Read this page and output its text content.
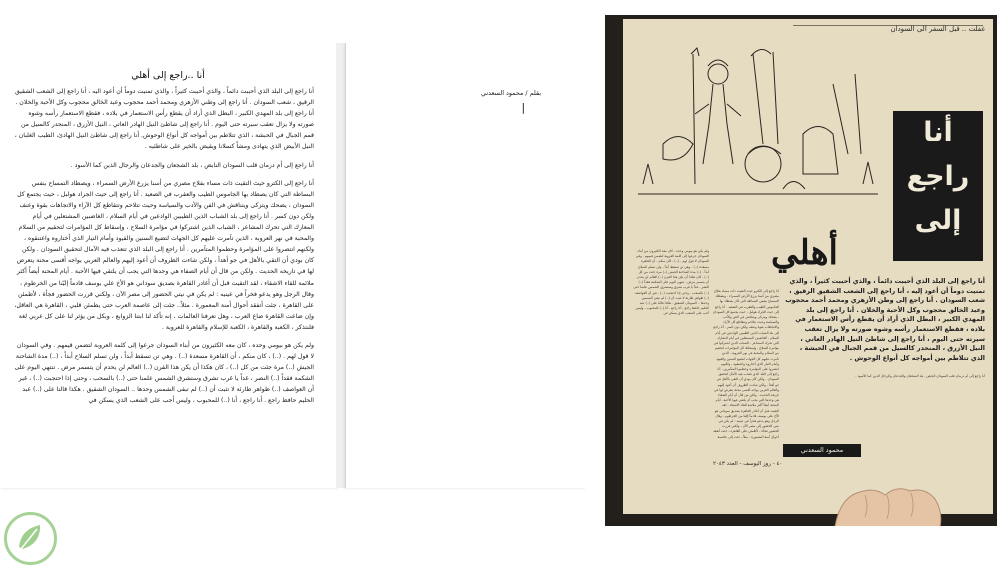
أنا ..راجع إلى أهلي

أنا راجع إلى البلد الذي أحببت دائماً ، والذي أحببت كثيراً ، والذي تمنيت دوماً أن أعود اليه ، أنا راجع إلى الشعب الشقيق الرقيق ، شعب السودان . أنا راجع إلى وطني الأزهري ومحمد أحمد محجوب وعبد الخالق محجوب وكل الأحبة والخلان . أنا راجع إلى بلد المهدي الكبير ، البطل الذي أراد أن يقطع رأس الاستعمار في بلاده ، فقطع الاستعمار رأسه وشوه صورته ولا يزال تعقب سيرته حتى اليوم . أنا راجع إلى شاطئ النيل الهادر العاتي ، النيل الأزرق ، المنحدر كالسيل من قمم الجبال في الحبشة ، الذي تتلاطم بين أمواجه كل أنواع الوحوش. أنا راجع إلى شاطئ النيل الهادئ، الطيب الغلبان ، النيل الأبيض الذي يتهادى ومشاً كسلانا ويقيض بالخير على شاطئيه .

أنا راجع إلى أم درمان قلب السودان النابض ، بلد الشجعان والجدعان والرجال الذين كما الأسود .

أنا راجع إلى الكترو حيث التقيت ذات مساء بفلاح مصري من أسنا يزرع الأرض السمراء ، ويصطاد التمساح بنفس البساطة التي كان يصطاد بها الجاموس الطيب والعقرب في الصعيد . أنا راجع إلى حيث الجراد هولبل ، حيث يجتمع كل السودان ، يضحك ويتزكى ويتناقش في الفن والأدب والسياسة وحيث تتلاحم وتتقاطع كل الآراء والاتجاهات بقوة وعنف ولكن دون كسر . أنا راجع إلى بلد الشباب الذين الطيبين الوادعين في أيام السلام ، الغاضبين المشتعلين في أيام المعارك التي تحرك المشاعر ، الشباب الذين اشتركوا في مؤامرة السلاح ، وإسقاط كل المؤامرات لتحقيم من السلام والمحبة في نهر العروبة ، الذين تآمرت عليهم كل الجهات لتضيع السنين والقيود وأمام التيار الذي أختاروه واعتنقوه ، ولكنهم انتصروا على المؤامرة وحطموا المتآمرين . أنا راجع إلى البلد الذي تتعذب فيه الآمال لتحقيق السودان . ولكن كان بودي أن التقي بالأهل في جو أهدأ ، ولكن شاءت الظروف أن أعود إليهم والعالم العربي يواجه أقسى محنة يتعرض لها في تاريخه الحديث . ولكن من قال أن أيام الصفاء هي وحدها التي يجب أن يلتقي فيها الأحبة . أيام المحنة أيضاً أكثر ملائمة للقاء الاشقاء ، لقد التقيت قبل أن أغادر القاهرة بصديق سوداني هو الأخ علي يوسف قادماً إليّنا من الخرطوم ، وقال الرجل وهو يدعو فخراً في عينيه : لم يكن في نيتي الحضور إلى مصر الآن ، ولكني قررت الحضور فجأة ، لأطمئن على القاهرة ، جئت أتفقد أحوال أمنة المعمورة . مثلاً.. جئت إلى عاصمة العرب حتى يطمئن قلبي ، القاهرة هي العاقل، وإن ضاعت القاهرة ضاع العرب ، وهل تعرفنا العالمات ، إنه تأكد لنا ابتنا الزوابع ، وبكل من يؤثر لنا على كل عربي لغة فلنتذكر ، الكعبة والقاهرة ، الكعبة للإسلام والقاهرة للعروبة .

ولم يكن هو بيومي وحده ، كان معه الكثيرون من أبناء السودان جرعوا إلى كلمة العروبة لتضمن قيمهم . وفي السودان لا قول لهم . (..) ، كان منكم ، أن القاهرة مسعدة (..) . وهي تن تسقط أبداً ، ولن تسلم السلاح أبداً ، (..) مدة الشاحنة الجيش (..) مرة جئت من كل (..) ، كان هكذا أن يكن هذا القرن (..) العالم لن يحدم أن يتسمر مرض . تنتهي اليوم على الشكمة فقداً (..) النصر ، غداً يا غرب تشرق وستشرق الشمس علمنا حتى (..) بالسحب ، وحتى إذا احتجبت (..) ، غير أن العواصف (..) ظواهر طارئة لا تثبت أن (..) لم تبقى الشمس وحدها .. السودان الشقيق . هكذا قالنا على (..) عبد الحليم حافظ راجع . أنا راجع ، أنا (..) للمحبوب ، وليس أحب على الشعب الذي يسكن في

بقلم / محمود السعدني
|
غفلت .. قبل السفر الى السودان
أنا
راجع
إلى
أهلي
أنا راجع إلى البلد الذي أحببت دائماً ، والذي أحببت كثيراً ، والذي تمنيت دوماً أن أعود إليه ، أنا راجع إلى الشعب الشقيق الرقيق ، شعب السودان . أنا راجع إلى وطن الأزهري ومحمد أحمد محجوب وعبد الخالق محجوب وكل الأحبة والخلان . أنا راجع إلى بلد المهدي الكبير ، البطل الذي أراد أن يقطع رأس الاستعمار في بلاده ، فقطع الاستعمار رأسه وشوه صورته ولا يزال تعقب سيرته حتى اليوم ، أنا راجع إلى شاطئ النيل الهادر العاتي ، النيل الأزرق ، المنحدر كالسيل من قمم الجبال في الحبشة ، الذي تتلاطم بين أمواجه كل أنواع الوحوش .
أنا راجع إلى الكترو حيث التقيت ذات مساء بفلاح مصري من أسنا يزرع الأرض السمراء ، ويصطاد التمساح بنفس البساطة التي كان يصطاد بها الجاموس الطيب والعقرب في الصعيد . أنا راجع إلى حيث الجراد هولبل ، حيث يجتمع كل السودان ، يضحك ويتزكى ويتناقش في الفن والأدب والسياسة وحيث تتلاحم وتتقاطع كل الآراء والاتجاهات بقوة وعنف ولكن دون كسر . أنا راجع إلى بلد الشباب الذين الطيبين الوادعين في أيام السلام ، الغاضبين المشتعلين في أيام المعارك التي تحرك المشاعر ، الشباب الذين اشتركوا في مؤامرة السلاح ، وإسقاط كل المؤامرات لتحقيم من السلام والمحبة في نهر العروبة ، الذين تآمرت عليهم كل الجهات لتضيع السنين والقيود وأمام التيار الذي أختاروه واعتنقوه ، ولكنهم انتصروا على المؤامرة وحطموا المتآمرين . أنا راجع إلى البلد الذي تتعذب فيه الآمال لتحقيق السودان . ولكن كان بودي أن التقي بالأهل في جو أهدأ ، ولكن شاءت الظروف أن أعود إليهم والعالم العربي يواجه أقسى محنة يتعرض لها في تاريخه الحديث . ولكن من قال أن أيام الصفاء هي وحدها التي يجب أن يلتقي فيها الأحبة . أيام المحنة أيضاً أكثر ملائمة للقاء الاشقاء ، لقد التقيت قبل أن أغادر القاهرة بصديق سوداني هو الأخ علي يوسف قادماً إليّنا من الخرطوم ، وقال الرجل وهو يدعو فخراً في عينيه : لم يكن في نيتي الحضور إلى مصر الآن ، ولكني قررت الحضور فجأة ، لأطمئن على القاهرة ، جئت أتفقد أحوال أمنة المعمورة . مثلاً.. جئت إلى عاصمة
ولم يكن هو بيومي وحده ، كان معه الكثيرون من أبناء السودان جرعوا إلى كلمة العروبة لتضمن قيمهم . وفي السودان لا قول لهم . (..) ، كان منكم ، أن القاهرة مسعدة (..) . وهي تن تسقط أبداً ، ولن تسلم السلاح أبداً ، (..) مدة الشاحنة الجيش (..) مرة جئت من كل (..) ، كان هكذا أن يكن هذا القرن (..) العالم لن يحدم أن يتسمر مرض . تنتهي اليوم على الشكمة فقداً (..) النصر ، غداً يا غرب تشرق وستشرق الشمس علمنا حتى (..) بالسحب ، وحتى إذا احتجبت (..) ، غير أن العواصف (..) ظواهر طارئة لا تثبت أن (..) لم تبقى الشمس وحدها .. السودان الشقيق . هكذا قالنا على (..) عبد الحليم حافظ راجع . أنا راجع ، أنا (..) للمحبوب ، وليس أحب على الشعب الذي يسكن في
أنا راجع إلى أم درمان قلب السودان النابض ، بلد الشجعان والجدعان والرجال الذين كما الأسود .
محمود السعدني
٤٠ - روز اليوسف - العدد ٢٠٤٣
